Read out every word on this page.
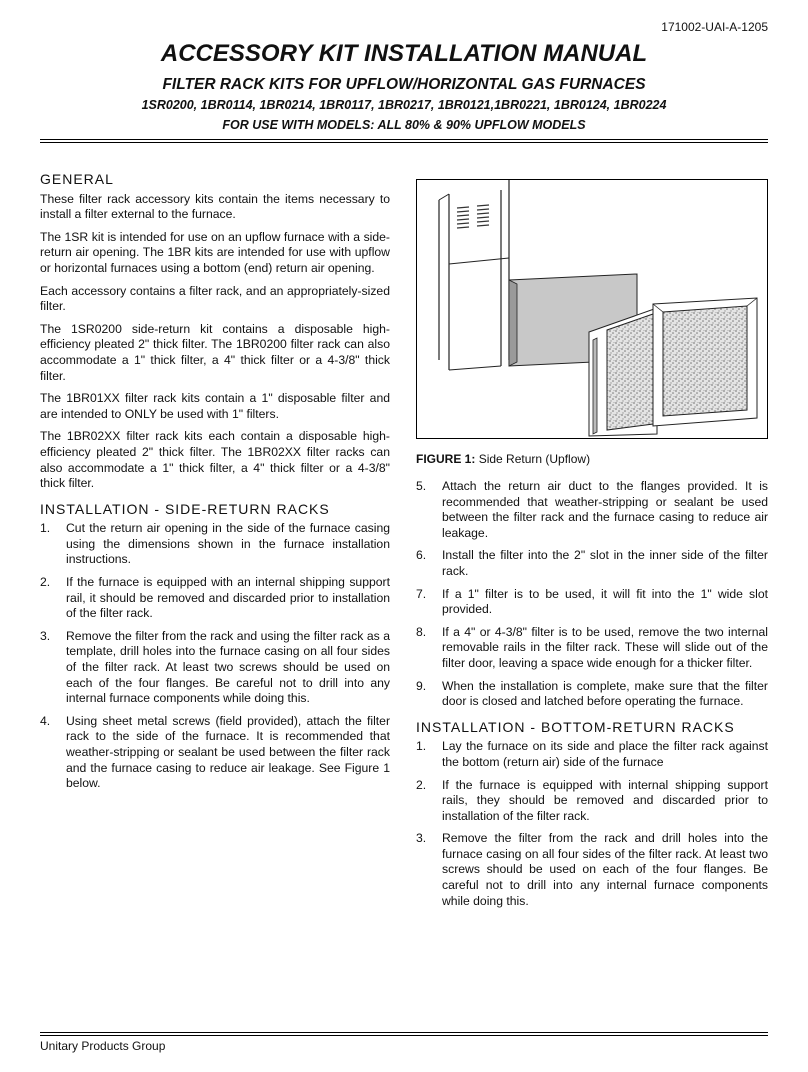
171002-UAI-A-1205
ACCESSORY KIT INSTALLATION MANUAL
FILTER RACK KITS FOR UPFLOW/HORIZONTAL GAS FURNACES
1SR0200, 1BR0114, 1BR0214, 1BR0117, 1BR0217, 1BR0121,1BR0221, 1BR0124, 1BR0224
FOR USE WITH MODELS: ALL 80% & 90% UPFLOW MODELS
GENERAL

These filter rack accessory kits contain the items necessary to install a filter external to the furnace.

The 1SR kit is intended for use on an upflow furnace with a side-return air opening. The 1BR kits are intended for use with upflow or horizontal furnaces using a bottom (end) return air opening.

Each accessory contains a filter rack, and an appropriately-sized filter.

The 1SR0200 side-return kit contains a disposable high-efficiency pleated 2" thick filter. The 1BR0200 filter rack can also accommodate a 1" thick filter, a 4" thick filter or a 4-3/8" thick filter.

The 1BR01XX filter rack kits contain a 1" disposable filter and are intended to ONLY be used with 1" filters.

The 1BR02XX filter rack kits each contain a disposable high-efficiency pleated 2" thick filter. The 1BR02XX filter racks can also accommodate a 1" thick filter, a 4" thick filter or a 4-3/8" thick filter.

INSTALLATION - SIDE-RETURN RACKS
1.	Cut the return air opening in the side of the furnace casing using the dimensions shown in the furnace installation instructions.
2.	If the furnace is equipped with an internal shipping support rail, it should be removed and discarded prior to installation of the filter rack.
3.	Remove the filter from the rack and using the filter rack as a template, drill holes into the furnace casing on all four sides of the filter rack. At least two screws should be used on each of the four flanges. Be careful not to drill into any internal furnace components while doing this.
4.	Using sheet metal screws (field provided), attach the filter rack to the side of the furnace. It is recommended that weather-stripping or sealant be used between the filter rack and the furnace casing to reduce air leakage. See Figure 1 below.
FIGURE 1: Side Return (Upflow)
5.	Attach the return air duct to the flanges provided. It is recommended that weather-stripping or sealant be used between the filter rack and the furnace casing to reduce air leakage.
6.	Install the filter into the 2" slot in the inner side of the filter rack.
7.	If a 1" filter is to be used, it will fit into the 1" wide slot provided.
8.	If a 4" or 4-3/8" filter is to be used, remove the two internal removable rails in the filter rack. These will slide out of the filter door, leaving a space wide enough for a thicker filter.
9.	When the installation is complete, make sure that the filter door is closed and latched before operating the furnace.
INSTALLATION - BOTTOM-RETURN RACKS
1.	Lay the furnace on its side and place the filter rack against the bottom (return air) side of the furnace
2.	If the furnace is equipped with internal shipping support rails, they should be removed and discarded prior to installation of the filter rack.
3.	Remove the filter from the rack and drill holes into the furnace casing on all four sides of the filter rack. At least two screws should be used on each of the four flanges. Be careful not to drill into any internal furnace components while doing this.
Unitary Products Group
